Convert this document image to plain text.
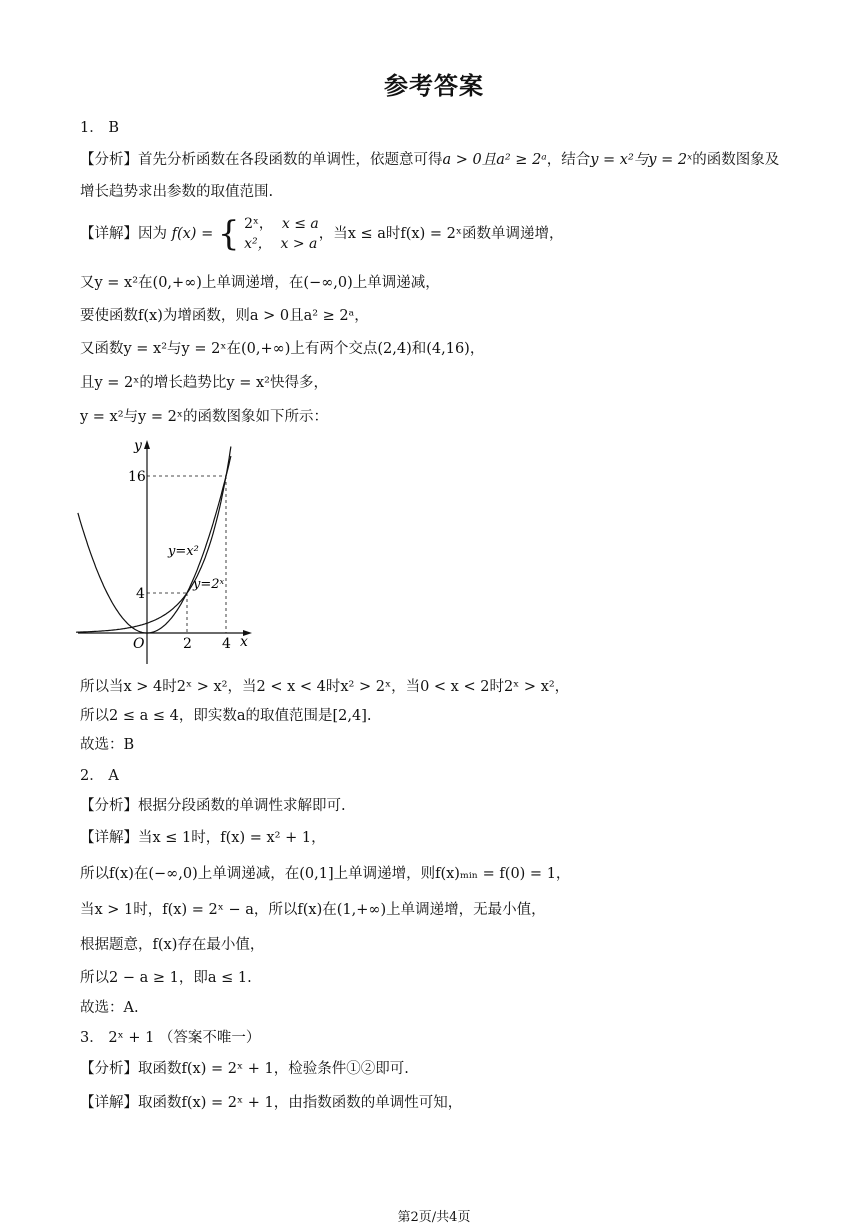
参考答案
1． B
【分析】首先分析函数在各段函数的单调性，依题意可得a > 0且a² ≥ 2ᵃ，结合y = x²与y = 2ˣ的函数图象及
增长趋势求出参数的取值范围.
【详解】因为 f(x) = { 2ˣ， x ≤ a
x²， x > a
，当x ≤ a时f(x) = 2ˣ函数单调递增，
又y = x²在(0,+∞)上单调递增，在(−∞,0)上单调递减，
要使函数f(x)为增函数，则a > 0且a² ≥ 2ᵃ，
又函数y = x²与y = 2ˣ在(0,+∞)上有两个交点(2,4)和(4,16)，
且y = 2ˣ的增长趋势比y = x²快得多，
y = x²与y = 2ˣ的函数图象如下所示：
y
x
O
16
4
2 4
y=x²
y=2ˣ
所以当x > 4时2ˣ > x²，当2 < x < 4时x² > 2ˣ，当0 < x < 2时2ˣ > x²，
所以2 ≤ a ≤ 4，即实数a的取值范围是[2,4].
故选：B
2． A
【分析】根据分段函数的单调性求解即可.
【详解】当x ≤ 1时，f(x) = x² + 1，
所以f(x)在(−∞,0)上单调递减，在(0,1]上单调递增，则f(x)ₘᵢₙ = f(0) = 1，
当x > 1时，f(x) = 2ˣ − a，所以f(x)在(1,+∞)上单调递增，无最小值，
根据题意，f(x)存在最小值，
所以2 − a ≥ 1，即a ≤ 1.
故选：A.
3． 2ˣ + 1 （答案不唯一）
【分析】取函数f(x) = 2ˣ + 1，检验条件①②即可.
【详解】取函数f(x) = 2ˣ + 1，由指数函数的单调性可知，
第2页/共4页
